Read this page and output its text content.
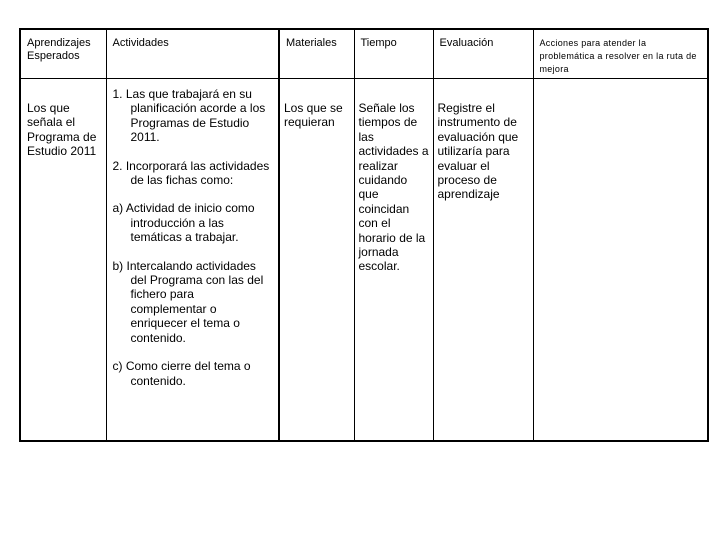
Aprendizajes Esperados	Actividades	Materiales	Tiempo	Evaluación	Acciones para atender la problemática a resolver en la ruta de mejora

Los que señala el Programa de Estudio 2011	1. Las que trabajará en su planificación acorde a los Programas de Estudio 2011.
2. Incorporará las actividades de las fichas como:
a) Actividad de inicio como introducción a las temáticas a trabajar.
b) Intercalando actividades del Programa con las del fichero para complementar o enriquecer el tema o contenido.
c) Como cierre del tema o contenido.	Los que se requieran	Señale los tiempos de las actividades a realizar cuidando que coincidan con el horario de la jornada escolar.	Registre el instrumento de evaluación que utilizaría para evaluar el proceso de aprendizaje	
